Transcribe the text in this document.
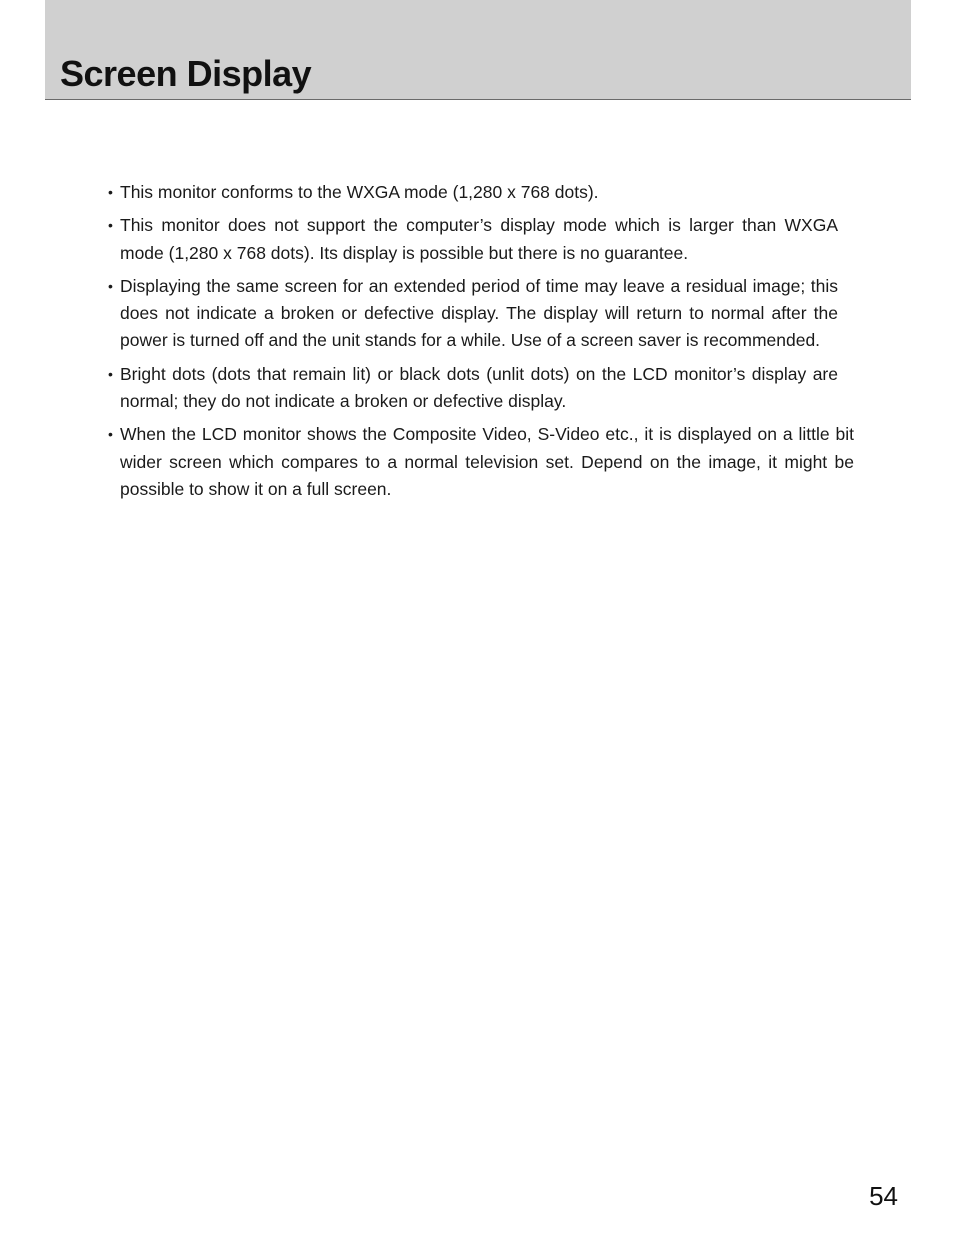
Screen Display
• This monitor conforms to the WXGA mode (1,280 x 768 dots).
• This monitor does not support the computer’s display mode which is larger than WXGA mode (1,280 x 768 dots). Its display is possible but there is no guarantee.
• Displaying the same screen for an extended period of time may leave a residual image; this does not indicate a broken or defective display. The display will return to normal after the power is turned off and the unit stands for a while. Use of a screen saver is recommended.
• Bright dots (dots that remain lit) or black dots (unlit dots) on the LCD monitor’s display are normal; they do not indicate a broken or defective display.
• When the LCD monitor shows the Composite Video, S-Video etc., it is displayed on a little bit wider screen which compares to a normal television set. Depend on the image, it might be possible to show it on a full screen.
54
